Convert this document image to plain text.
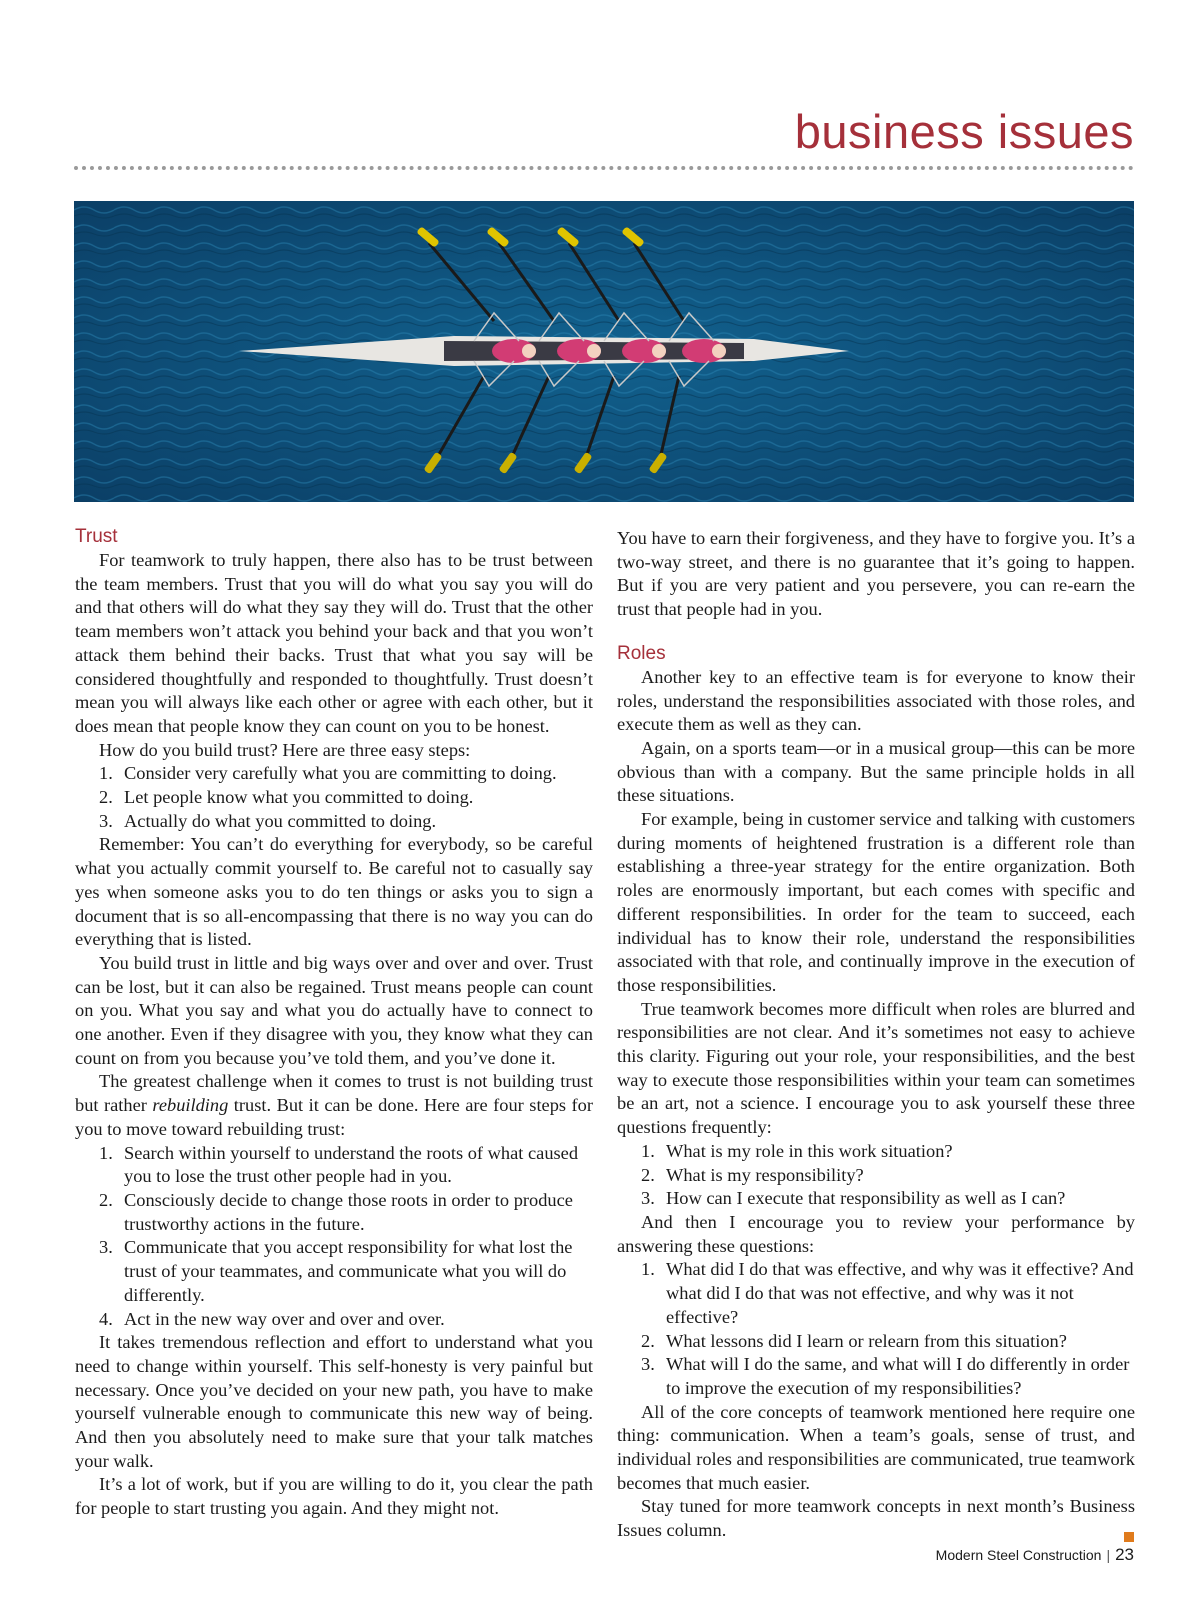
business issues
Trust

For teamwork to truly happen, there also has to be trust between the team members. Trust that you will do what you say you will do and that others will do what they say they will do. Trust that the other team members won’t attack you behind your back and that you won’t attack them behind their backs. Trust that what you say will be considered thoughtfully and responded to thoughtfully. Trust doesn’t mean you will always like each other or agree with each other, but it does mean that people know they can count on you to be honest.

How do you build trust? Here are three easy steps:

1. Consider very carefully what you are committing to doing.
2. Let people know what you committed to doing.
3. Actually do what you committed to doing.

Remember: You can’t do everything for everybody, so be careful what you actually commit yourself to. Be careful not to casually say yes when someone asks you to do ten things or asks you to sign a document that is so all-encompassing that there is no way you can do everything that is listed.

You build trust in little and big ways over and over and over. Trust can be lost, but it can also be regained. Trust means people can count on you. What you say and what you do actually have to connect to one another. Even if they disagree with you, they know what they can count on from you because you’ve told them, and you’ve done it.

The greatest challenge when it comes to trust is not building trust but rather rebuilding trust. But it can be done. Here are four steps for you to move toward rebuilding trust:

1. Search within yourself to understand the roots of what caused you to lose the trust other people had in you.
2. Consciously decide to change those roots in order to produce trustworthy actions in the future.
3. Communicate that you accept responsibility for what lost the trust of your teammates, and communicate what you will do differently.
4. Act in the new way over and over and over.

It takes tremendous reflection and effort to understand what you need to change within yourself. This self-honesty is very painful but necessary. Once you’ve decided on your new path, you have to make yourself vulnerable enough to communicate this new way of being. And then you absolutely need to make sure that your talk matches your walk.

It’s a lot of work, but if you are willing to do it, you clear the path for people to start trusting you again. And they might not.

You have to earn their forgiveness, and they have to forgive you. It’s a two-way street, and there is no guarantee that it’s going to happen. But if you are very patient and you persevere, you can re-earn the trust that people had in you.

Roles

Another key to an effective team is for everyone to know their roles, understand the responsibilities associated with those roles, and execute them as well as they can.

Again, on a sports team—or in a musical group—this can be more obvious than with a company. But the same principle holds in all these situations.

For example, being in customer service and talking with customers during moments of heightened frustration is a different role than establishing a three-year strategy for the entire organization. Both roles are enormously important, but each comes with specific and different responsibilities. In order for the team to succeed, each individual has to know their role, understand the responsibilities associated with that role, and continually improve in the execution of those responsibilities.

True teamwork becomes more difficult when roles are blurred and responsibilities are not clear. And it’s sometimes not easy to achieve this clarity. Figuring out your role, your responsibilities, and the best way to execute those responsibilities within your team can sometimes be an art, not a science. I encourage you to ask yourself these three questions frequently:

1. What is my role in this work situation?
2. What is my responsibility?
3. How can I execute that responsibility as well as I can?

And then I encourage you to review your performance by answering these questions:

1. What did I do that was effective, and why was it effective? And what did I do that was not effective, and why was it not effective?
2. What lessons did I learn or relearn from this situation?
3. What will I do the same, and what will I do differently in order to improve the execution of my responsibilities?

All of the core concepts of teamwork mentioned here require one thing: communication. When a team’s goals, sense of trust, and individual roles and responsibilities are communicated, true teamwork becomes that much easier.

Stay tuned for more teamwork concepts in next month’s Business Issues column.

Modern Steel Construction | 23
